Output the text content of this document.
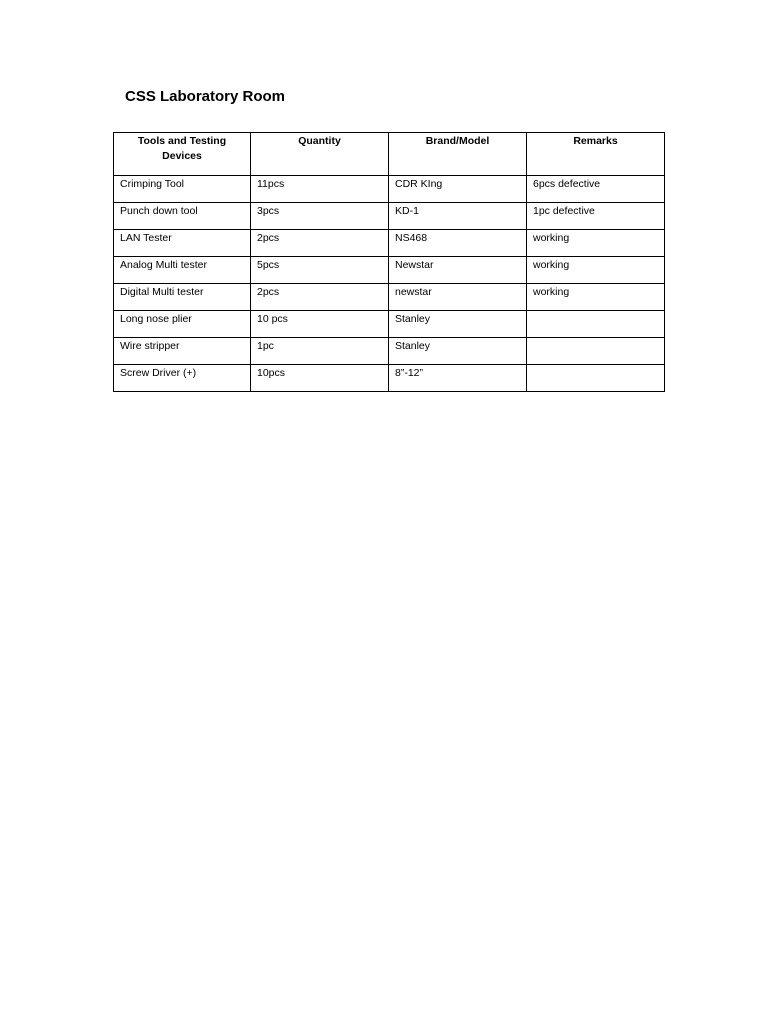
CSS Laboratory Room
Tools and Testing Devices	Quantity	Brand/Model	Remarks

Crimping Tool	11pcs	CDR KIng	6pcs defective
Punch down tool	3pcs	KD-1	1pc defective
LAN Tester	2pcs	NS468	working
Analog Multi tester	5pcs	Newstar	working
Digital Multi tester	2pcs	newstar	working
Long nose plier	10 pcs	Stanley	
Wire stripper	1pc	Stanley	
Screw Driver (+)	10pcs	8”-12”	
